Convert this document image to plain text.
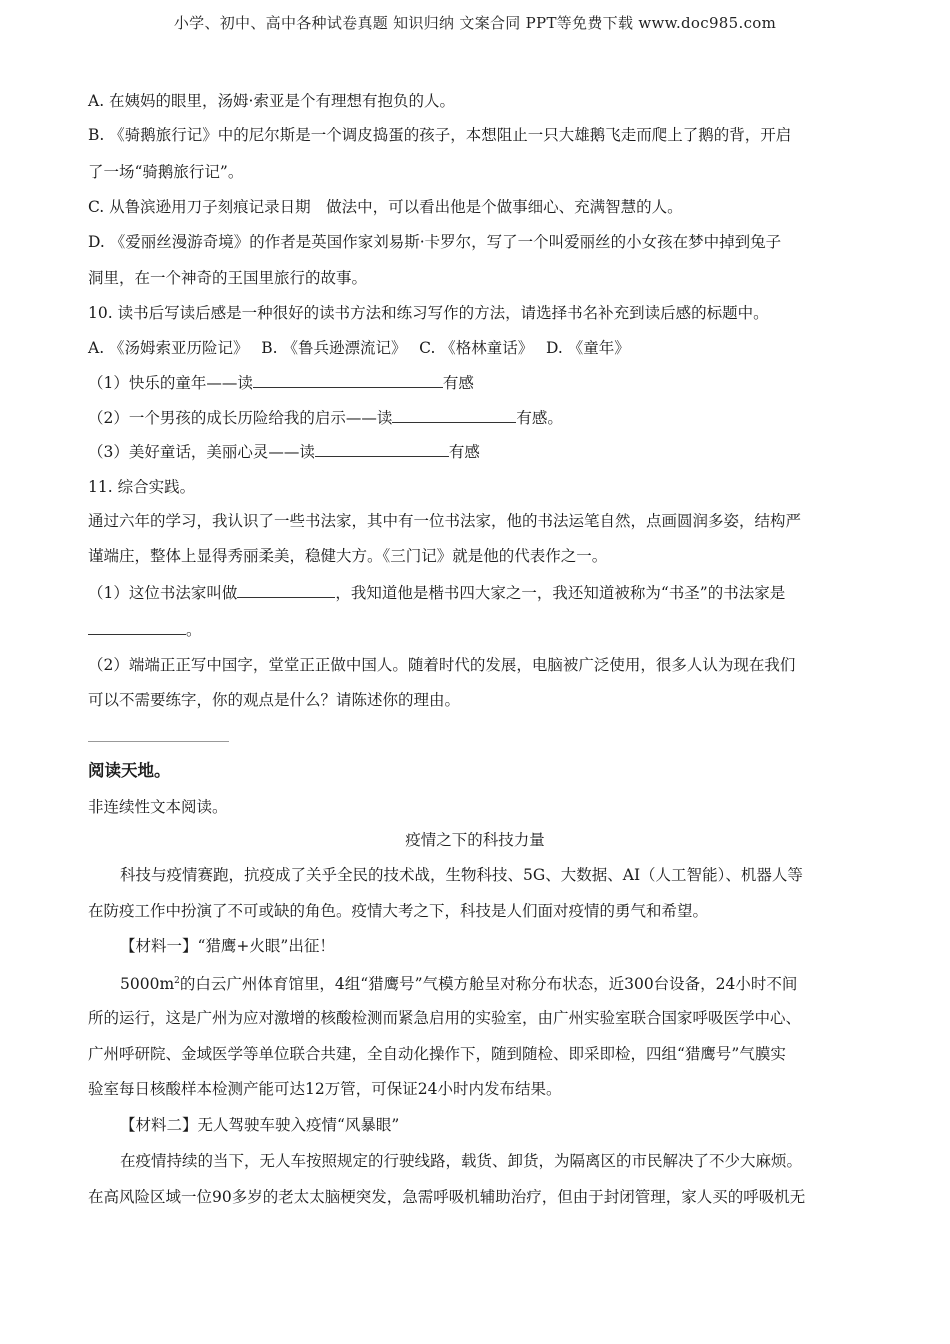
小学、初中、高中各种试卷真题 知识归纳 文案合同 PPT等免费下载 www.doc985.com
A. 在姨妈的眼里，汤姆·索亚是个有理想有抱负的人。
B. 《骑鹅旅行记》中的尼尔斯是一个调皮捣蛋的孩子，本想阻止一只大雄鹅飞走而爬上了鹅的背，开启
了一场“骑鹅旅行记”。
C. 从鲁滨逊用刀子刻痕记录日期　做法中，可以看出他是个做事细心、充满智慧的人。
D. 《爱丽丝漫游奇境》的作者是英国作家刘易斯·卡罗尔，写了一个叫爱丽丝的小女孩在梦中掉到兔子
洞里，在一个神奇的王国里旅行的故事。
10. 读书后写读后感是一种很好的读书方法和练习写作的方法，请选择书名补充到读后感的标题中。
A. 《汤姆索亚历险记》　 B. 《鲁兵逊漂流记》　 C. 《格林童话》　 D. 《童年》
（1）快乐的童年——读	有感
（2）一个男孩的成长历险给我的启示——读	有感。
（3）美好童话，美丽心灵——读	有感
11. 综合实践。
通过六年的学习，我认识了一些书法家，其中有一位书法家，他的书法运笔自然，点画圆润多姿，结构严
谨端庄，整体上显得秀丽柔美，稳健大方。《三门记》就是他的代表作之一。
（1）这位书法家叫做	，我知道他是楷书四大家之一，我还知道被称为“书圣”的书法家是
。
（2）端端正正写中国字，堂堂正正做中国人。随着时代的发展，电脑被广泛使用，很多人认为现在我们
可以不需要练字，你的观点是什么？请陈述你的理由。
阅读天地。
非连续性文本阅读。
疫情之下的科技力量
科技与疫情赛跑，抗疫成了关乎全民的技术战，生物科技、5G、大数据、AI（人工智能）、机器人等
在防疫工作中扮演了不可或缺的角色。疫情大考之下，科技是人们面对疫情的勇气和希望。
【材料一】“猎鹰+火眼”出征！
$5000m^2$的白云广州体育馆里，4组“猎鹰号”气模方舱呈对称分布状态，近300台设备，24小时不间
所的运行，这是广州为应对激增的核酸检测而紧急启用的实验室，由广州实验室联合国家呼吸医学中心、
广州呼研院、金域医学等单位联合共建，全自动化操作下，随到随检、即采即检，四组“猎鹰号”气膜实
验室每日核酸样本检测产能可达12万管，可保证24小时内发布结果。
【材料二】无人驾驶车驶入疫情“风暴眼”
在疫情持续的当下，无人车按照规定的行驶线路，载货、卸货，为隔离区的市民解决了不少大麻烦。
在高风险区域一位90多岁的老太太脑梗突发，急需呼吸机辅助治疗，但由于封闭管理，家人买的呼吸机无
